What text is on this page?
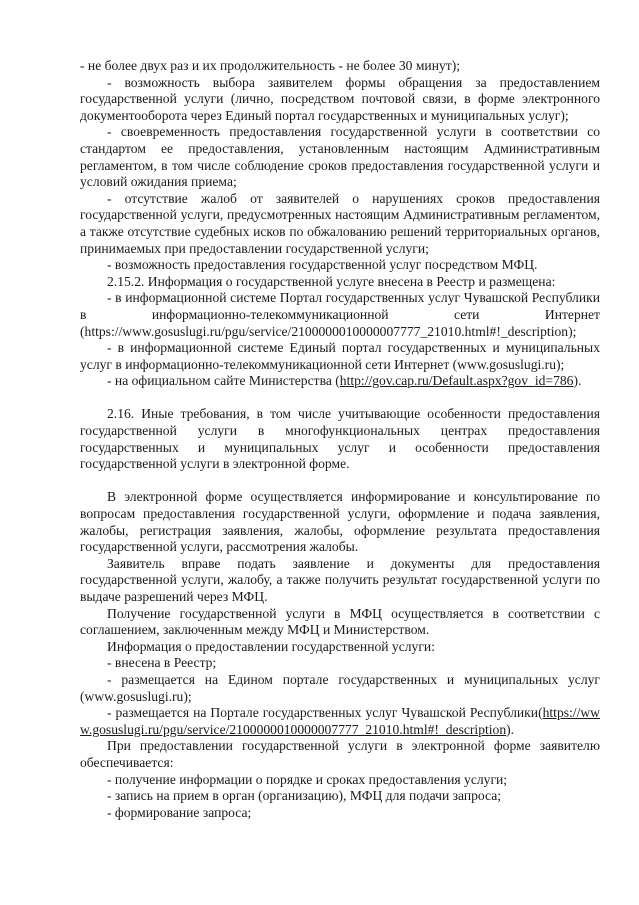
- не более двух раз и их продолжительность - не более 30 минут);

- возможность выбора заявителем формы обращения за предоставлением государственной услуги (лично, посредством почтовой связи, в форме электронного документооборота через Единый портал государственных и муниципальных услуг);

- своевременность предоставления государственной услуги в соответствии со стандартом ее предоставления, установленным настоящим Административным регламентом, в том числе соблюдение сроков предоставления государственной услуги и условий ожидания приема;

- отсутствие жалоб от заявителей о нарушениях сроков предоставления государственной услуги, предусмотренных настоящим Административным регламентом, а также отсутствие судебных исков по обжалованию решений территориальных органов, принимаемых при предоставлении государственной услуги;

- возможность предоставления государственной услуг посредством МФЦ.

2.15.2. Информация о государственной услуге внесена в Реестр и размещена:

- в информационной системе Портал государственных услуг Чувашской Республики в информационно-телекоммуникационной сети Интернет (https://www.gosuslugi.ru/pgu/service/2100000010000007777_21010.html#!_description);

- в информационной системе Единый портал государственных и муниципальных услуг в информационно-телекоммуникационной сети Интернет (www.gosuslugi.ru);

- на официальном сайте Министерства (http://gov.cap.ru/Default.aspx?gov_id=786).

2.16. Иные требования, в том числе учитывающие особенности предоставления государственной услуги в многофункциональных центрах предоставления государственных и муниципальных услуг и особенности предоставления государственной услуги в электронной форме.

В электронной форме осуществляется информирование и консультирование по вопросам предоставления государственной услуги, оформление и подача заявления, жалобы, регистрация заявления, жалобы, оформление результата предоставления государственной услуги, рассмотрения жалобы.

Заявитель вправе подать заявление и документы для предоставления государственной услуги, жалобу, а также получить результат государственной услуги по выдаче разрешений через МФЦ.

Получение государственной услуги в МФЦ осуществляется в соответствии с соглашением, заключенным между МФЦ и Министерством.

Информация о предоставлении государственной услуги:

- внесена в Реестр;

- размещается на Едином портале государственных и муниципальных услуг (www.gosuslugi.ru);

- размещается на Портале государственных услуг Чувашской Республики(https://www.gosuslugi.ru/pgu/service/2100000010000007777_21010.html#!_description).

При предоставлении государственной услуги в электронной форме заявителю обеспечивается:

- получение информации о порядке и сроках предоставления услуги;

- запись на прием в орган (организацию), МФЦ для подачи запроса;

- формирование запроса;
